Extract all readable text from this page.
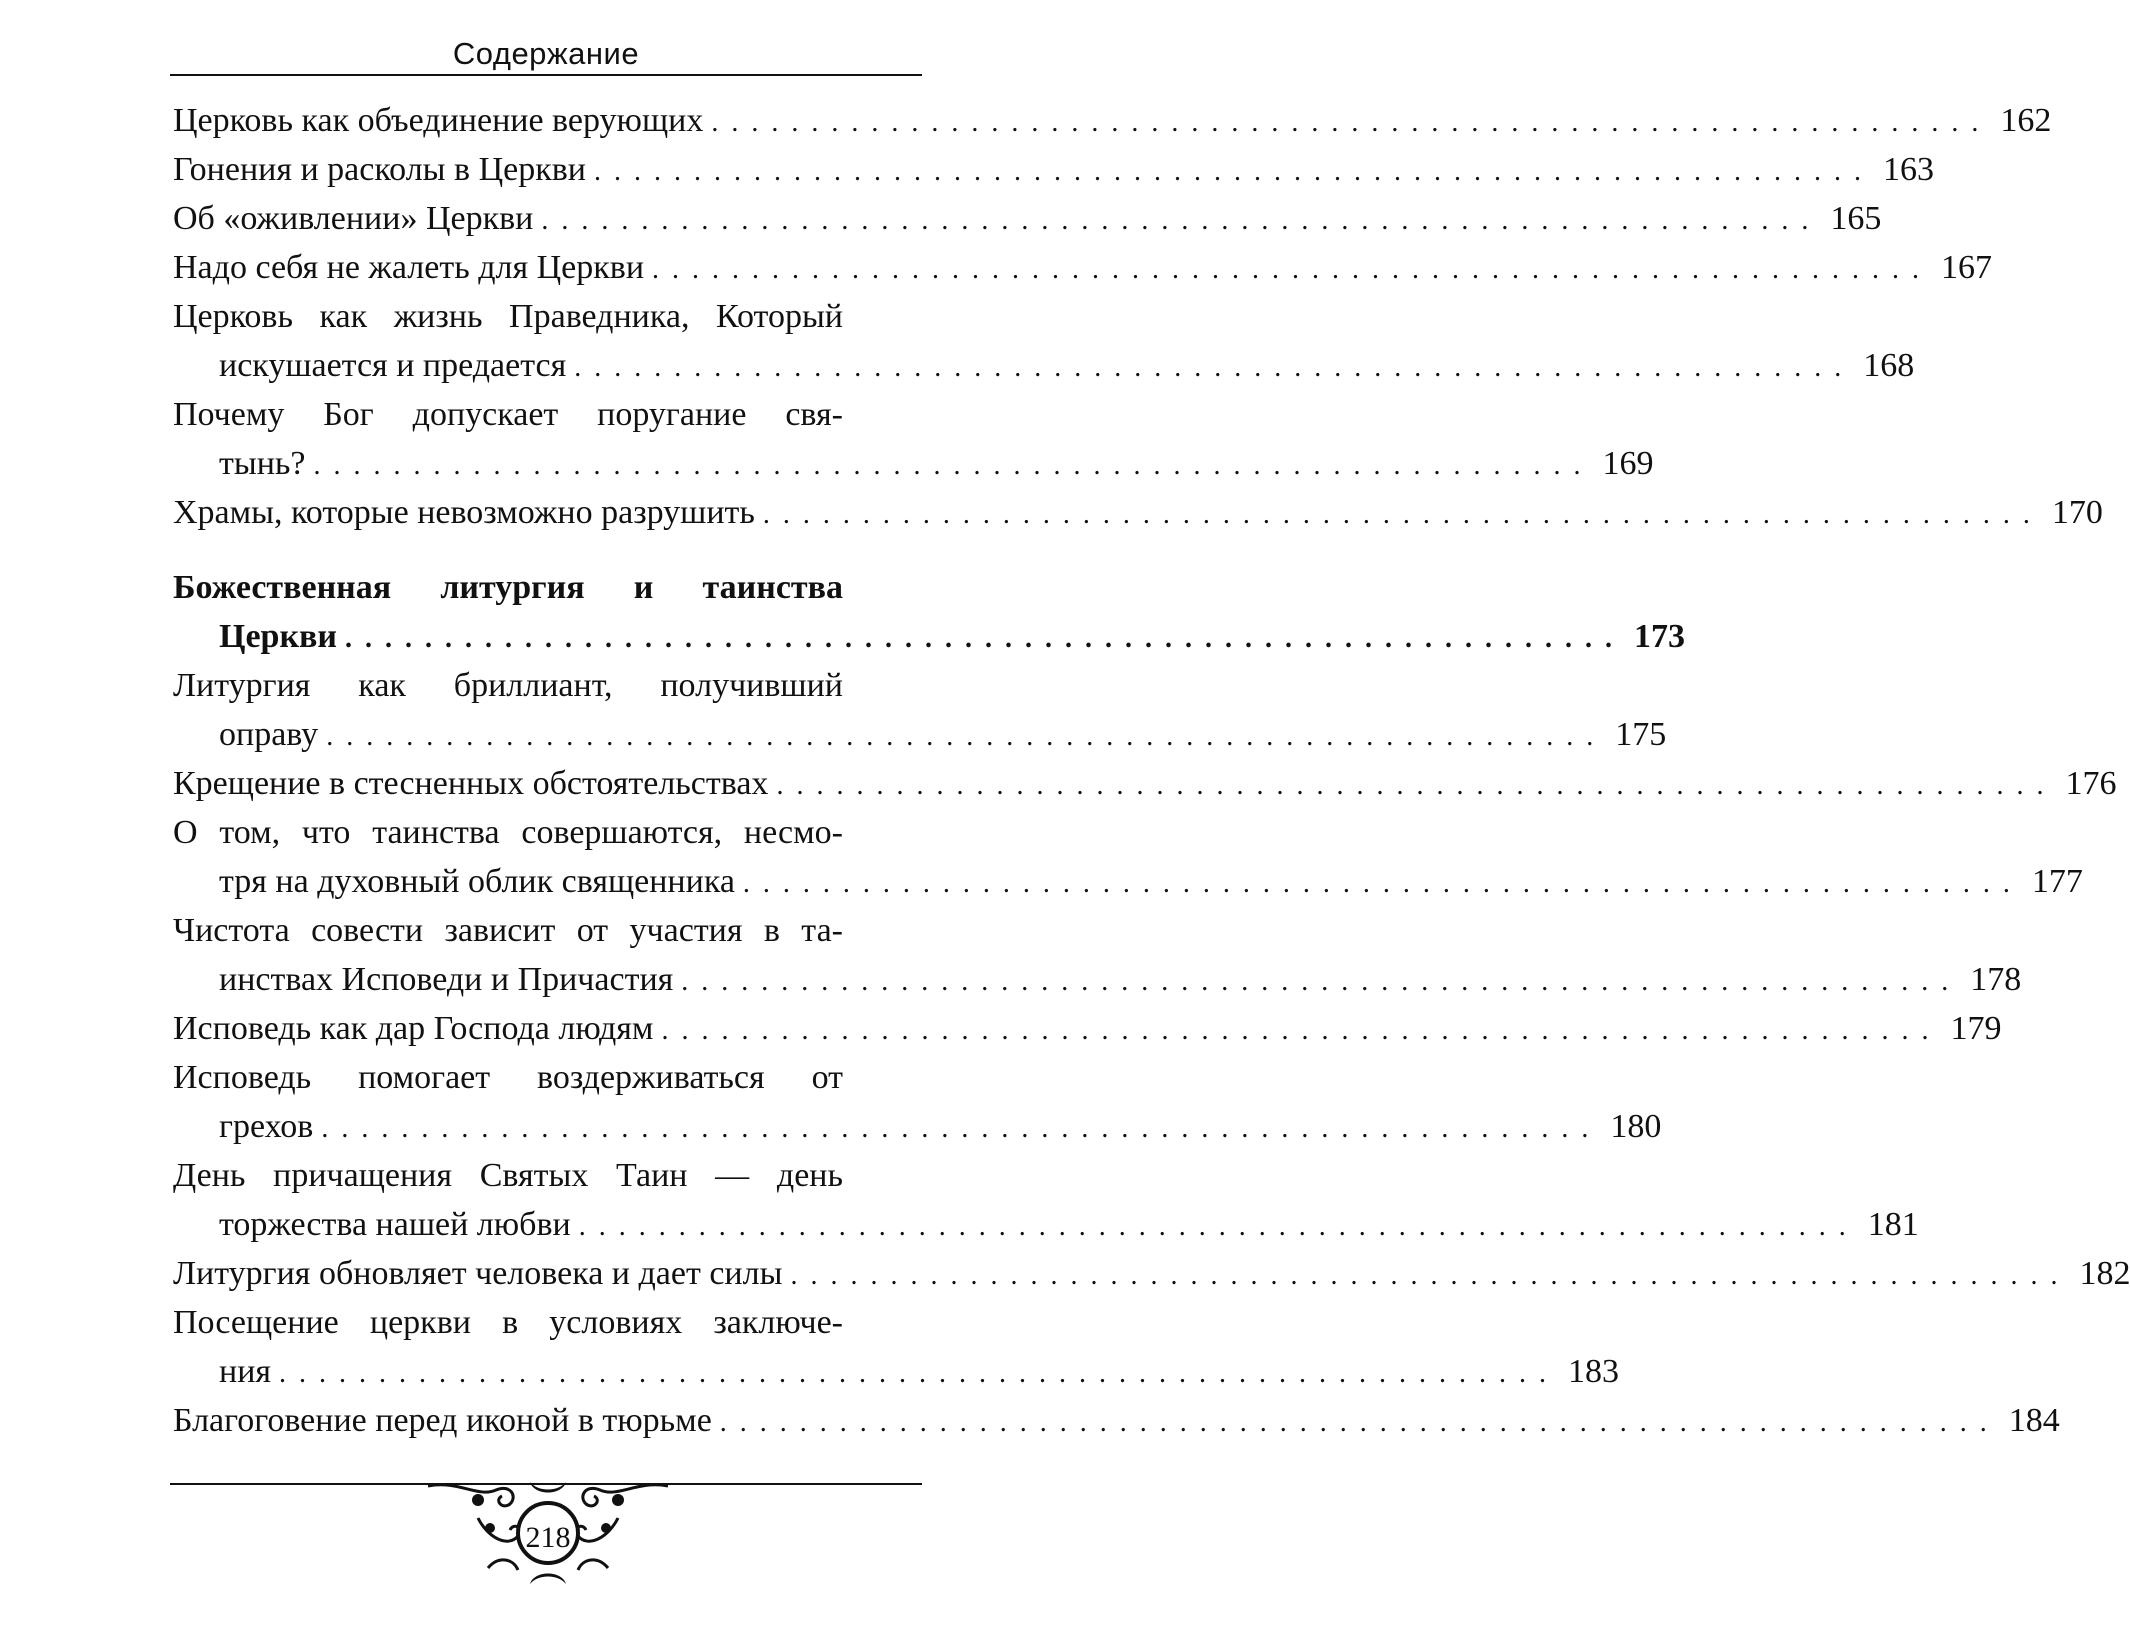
Содержание
Церковь как объединение верующих . . . . . . . . . . . . . . . . . . . . . . . . . . . . . . . . . . . . . . . . . . . . . . . . . . . . . . . . . . . . . . . . 162
Гонения и расколы в Церкви . . . . . . . . . . . . . . . . . . . . . . . . . . . . . . . . . . . . . . . . . . . . . . . . . . . . . . . . . . . . . . . . 163
Об «оживлении» Церкви . . . . . . . . . . . . . . . . . . . . . . . . . . . . . . . . . . . . . . . . . . . . . . . . . . . . . . . . . . . . . . . . 165
Надо себя не жалеть для Церкви . . . . . . . . . . . . . . . . . . . . . . . . . . . . . . . . . . . . . . . . . . . . . . . . . . . . . . . . . . . . . . . . 167
Церковь как жизнь Праведника, Который
искушается и предается . . . . . . . . . . . . . . . . . . . . . . . . . . . . . . . . . . . . . . . . . . . . . . . . . . . . . . . . . . . . . . . . 168
Почему Бог допускает поругание свя-
тынь? . . . . . . . . . . . . . . . . . . . . . . . . . . . . . . . . . . . . . . . . . . . . . . . . . . . . . . . . . . . . . . . . 169
Храмы, которые невозможно разрушить . . . . . . . . . . . . . . . . . . . . . . . . . . . . . . . . . . . . . . . . . . . . . . . . . . . . . . . . . . . . . . . . 170
Божественная литургия и таинства
Церкви . . . . . . . . . . . . . . . . . . . . . . . . . . . . . . . . . . . . . . . . . . . . . . . . . . . . . . . . . . . . . . . . 173
Литургия как бриллиант, получивший
оправу . . . . . . . . . . . . . . . . . . . . . . . . . . . . . . . . . . . . . . . . . . . . . . . . . . . . . . . . . . . . . . . . 175
Крещение в стесненных обстоятельствах . . . . . . . . . . . . . . . . . . . . . . . . . . . . . . . . . . . . . . . . . . . . . . . . . . . . . . . . . . . . . . . . 176
О том, что таинства совершаются, несмо-
тря на духовный облик священника . . . . . . . . . . . . . . . . . . . . . . . . . . . . . . . . . . . . . . . . . . . . . . . . . . . . . . . . . . . . . . . . 177
Чистота совести зависит от участия в та-
инствах Исповеди и Причастия . . . . . . . . . . . . . . . . . . . . . . . . . . . . . . . . . . . . . . . . . . . . . . . . . . . . . . . . . . . . . . . . 178
Исповедь как дар Господа людям . . . . . . . . . . . . . . . . . . . . . . . . . . . . . . . . . . . . . . . . . . . . . . . . . . . . . . . . . . . . . . . . 179
Исповедь помогает воздерживаться от
грехов . . . . . . . . . . . . . . . . . . . . . . . . . . . . . . . . . . . . . . . . . . . . . . . . . . . . . . . . . . . . . . . . 180
День причащения Святых Таин — день
торжества нашей любви . . . . . . . . . . . . . . . . . . . . . . . . . . . . . . . . . . . . . . . . . . . . . . . . . . . . . . . . . . . . . . . . 181
Литургия обновляет человека и дает силы . . . . . . . . . . . . . . . . . . . . . . . . . . . . . . . . . . . . . . . . . . . . . . . . . . . . . . . . . . . . . . . . 182
Посещение церкви в условиях заключе-
ния . . . . . . . . . . . . . . . . . . . . . . . . . . . . . . . . . . . . . . . . . . . . . . . . . . . . . . . . . . . . . . . . 183
Благоговение перед иконой в тюрьме . . . . . . . . . . . . . . . . . . . . . . . . . . . . . . . . . . . . . . . . . . . . . . . . . . . . . . . . . . . . . . . . 184
218
